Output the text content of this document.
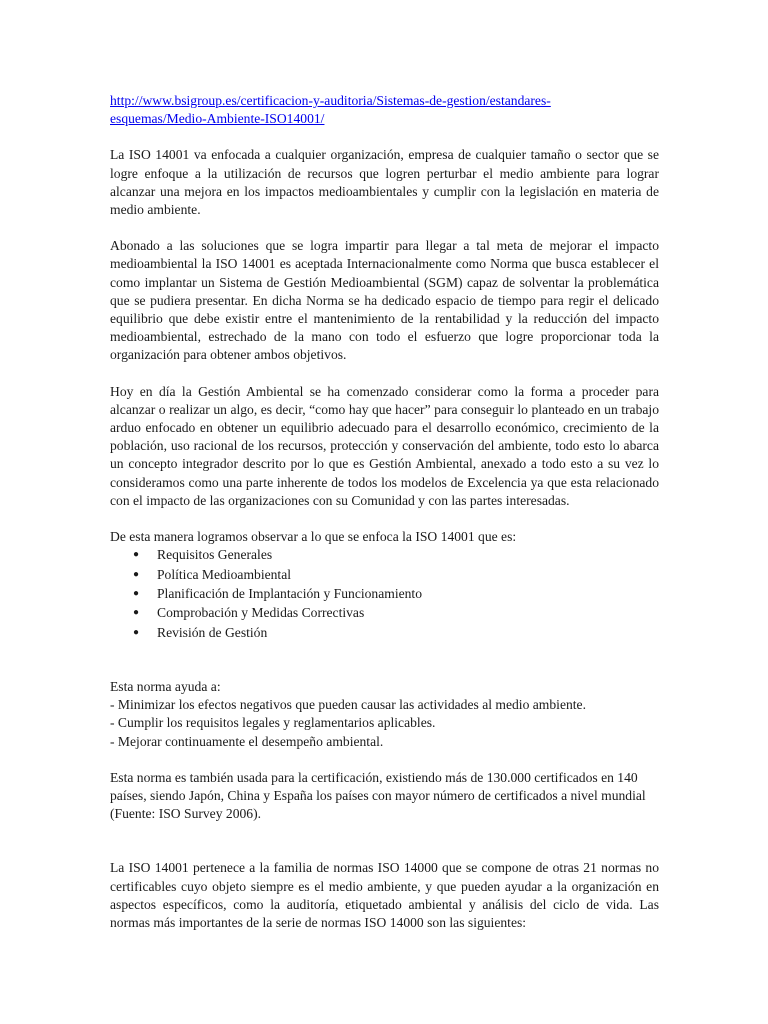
http://www.bsigroup.es/certificacion-y-auditoria/Sistemas-de-gestion/estandares-
esquemas/Medio-Ambiente-ISO14001/

La ISO 14001 va enfocada a cualquier organización, empresa de cualquier tamaño o sector que se logre enfoque a la utilización de recursos que logren perturbar el medio ambiente para lograr alcanzar una mejora en los impactos medioambientales y cumplir con la legislación en materia de medio ambiente.

Abonado a las soluciones que se logra impartir para llegar a tal meta de mejorar el impacto medioambiental la ISO 14001 es aceptada Internacionalmente como Norma que busca establecer el como implantar un Sistema de Gestión Medioambiental (SGM) capaz de solventar la problemática que se pudiera presentar. En dicha Norma se ha dedicado espacio de tiempo para regir el delicado equilibrio que debe existir entre el mantenimiento de la rentabilidad y la reducción del impacto medioambiental, estrechado de la mano con todo el esfuerzo que logre proporcionar toda la organización para obtener ambos objetivos.

Hoy en día la Gestión Ambiental se ha comenzado considerar como la forma a proceder para alcanzar o realizar un algo, es decir, “como hay que hacer” para conseguir lo planteado en un trabajo arduo enfocado en obtener un equilibrio adecuado para el desarrollo económico, crecimiento de la población, uso racional de los recursos, protección y conservación del ambiente, todo esto lo abarca un concepto integrador descrito por lo que es Gestión Ambiental, anexado a todo esto a su vez lo consideramos como una parte inherente de todos los modelos de Excelencia ya que esta relacionado con el impacto de las organizaciones con su Comunidad y con las partes interesadas.

De esta manera logramos observar a lo que se enfoca la ISO 14001 que es:

● Requisitos Generales
● Política Medioambiental
● Planificación de Implantación y Funcionamiento
● Comprobación y Medidas Correctivas
● Revisión de Gestión
Esta norma ayuda a:
- Minimizar los efectos negativos que pueden causar las actividades al medio ambiente.
- Cumplir los requisitos legales y reglamentarios aplicables.
- Mejorar continuamente el desempeño ambiental.

Esta norma es también usada para la certificación, existiendo más de 130.000 certificados en 140 países, siendo Japón, China y España los países con mayor número de certificados a nivel mundial

(Fuente: ISO Survey 2006).

La ISO 14001 pertenece a la familia de normas ISO 14000 que se compone de otras 21 normas no certificables cuyo objeto siempre es el medio ambiente, y que pueden ayudar a la organización en aspectos específicos, como la auditoría, etiquetado ambiental y análisis del ciclo de vida. Las normas más importantes de la serie de normas ISO 14000 son las siguientes:
